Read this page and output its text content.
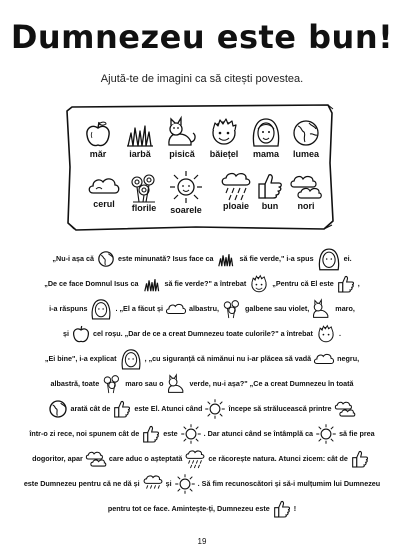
Dumnezeu este bun!
Ajută-te de imagini ca să citești povestea.
măr	iarbă	pisică	băiețel	mama	lumea
cerul	florile	soarele	ploaie	bun	nori
„Nu-i așa că	este minunată? Isus face ca	să fie verde," i-a spus	ei.
„De ce face Domnul Isus ca	să fie verde?" a întrebat	„Pentru că El este	,
i-a răspuns	. „El a făcut și	albastru,	galbene sau violet,	maro,
și	cel roșu. „Dar de ce a creat Dumnezeu toate culorile?" a întrebat	.
„Ei bine", i-a explicat	, „cu siguranță că nimănui nu i-ar plăcea să vadă	negru,
albastră, toate	maro sau o	verde, nu-i așa?" „Ce a creat Dumnezeu în toată
arată cât de	este El. Atunci când	începe să strălucească printre
într-o zi rece, noi spunem cât de	este	. Dar atunci când se întâmplă ca	să fie prea
dogoritor, apar	care aduc o așteptată	ce răcorește natura. Atunci zicem: cât de
este Dumnezeu pentru că ne dă și	și	. Să fim recunoscători și să-i mulțumim lui Dumnezeu
pentru tot ce face. Amintește-ți, Dumnezeu este	!
19
